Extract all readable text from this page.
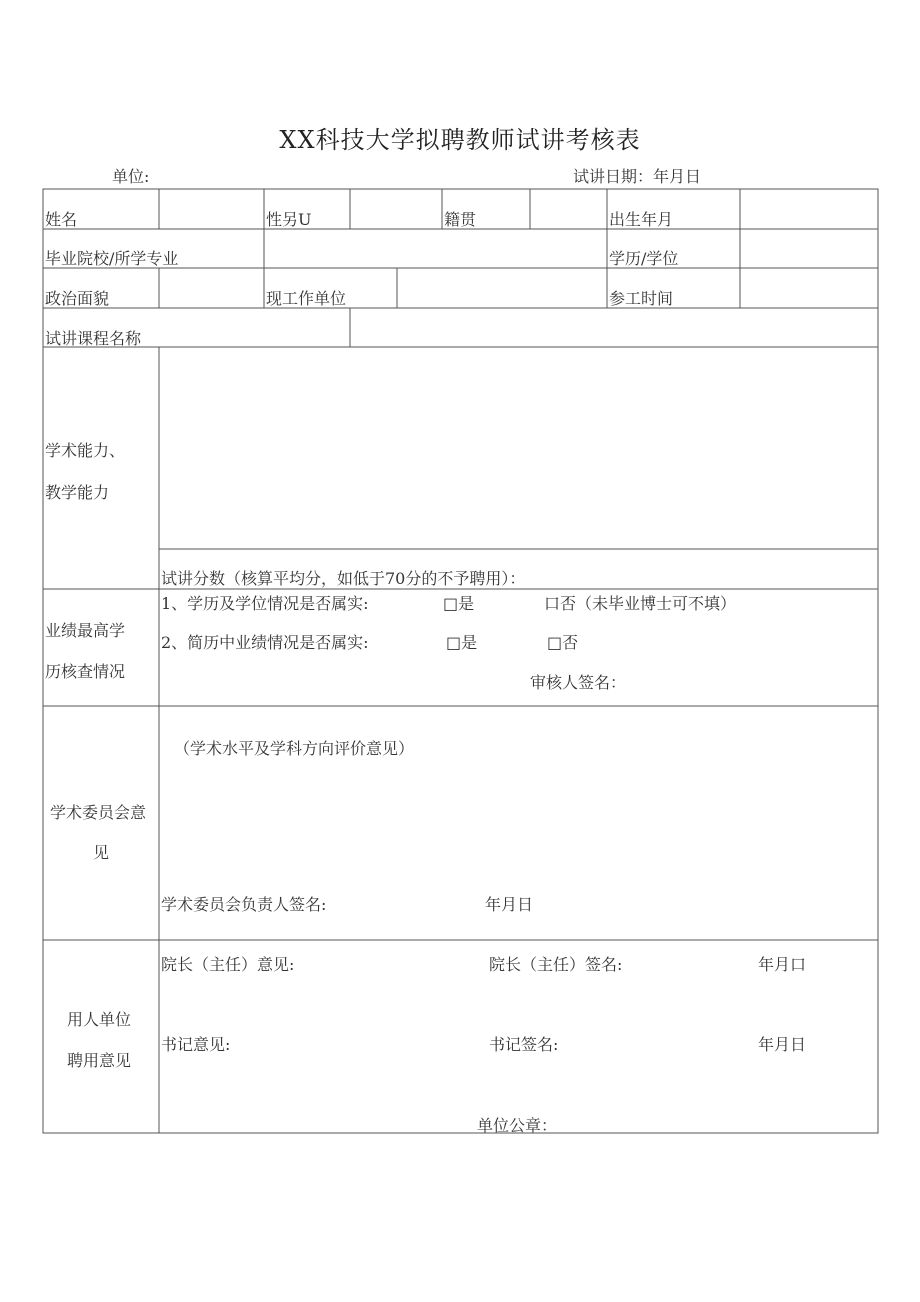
XX科技大学拟聘教师试讲考核表
单位:	试讲日期：年月日
姓名	性另U	籍贯	出生年月
毕业院校/所学专业	学历/学位
政治面貌	现工作单位	参工时间
试讲课程名称
学术能力、
教学能力
试讲分数（核算平均分，如低于70分的不予聘用）：
业绩最高学
历核查情况
1、学历及学位情况是否属实:	□是	口否（未毕业博士可不填）
2、简历中业绩情况是否属实:	□是	□否
审核人签名：
学术委员会意
见
（学术水平及学科方向评价意见）
学术委员会负责人签名:	年月日
用人单位
聘用意见
院长（主任）意见:	院长（主任）签名:	年月口
书记意见:	书记签名:	年月日
单位公章：
